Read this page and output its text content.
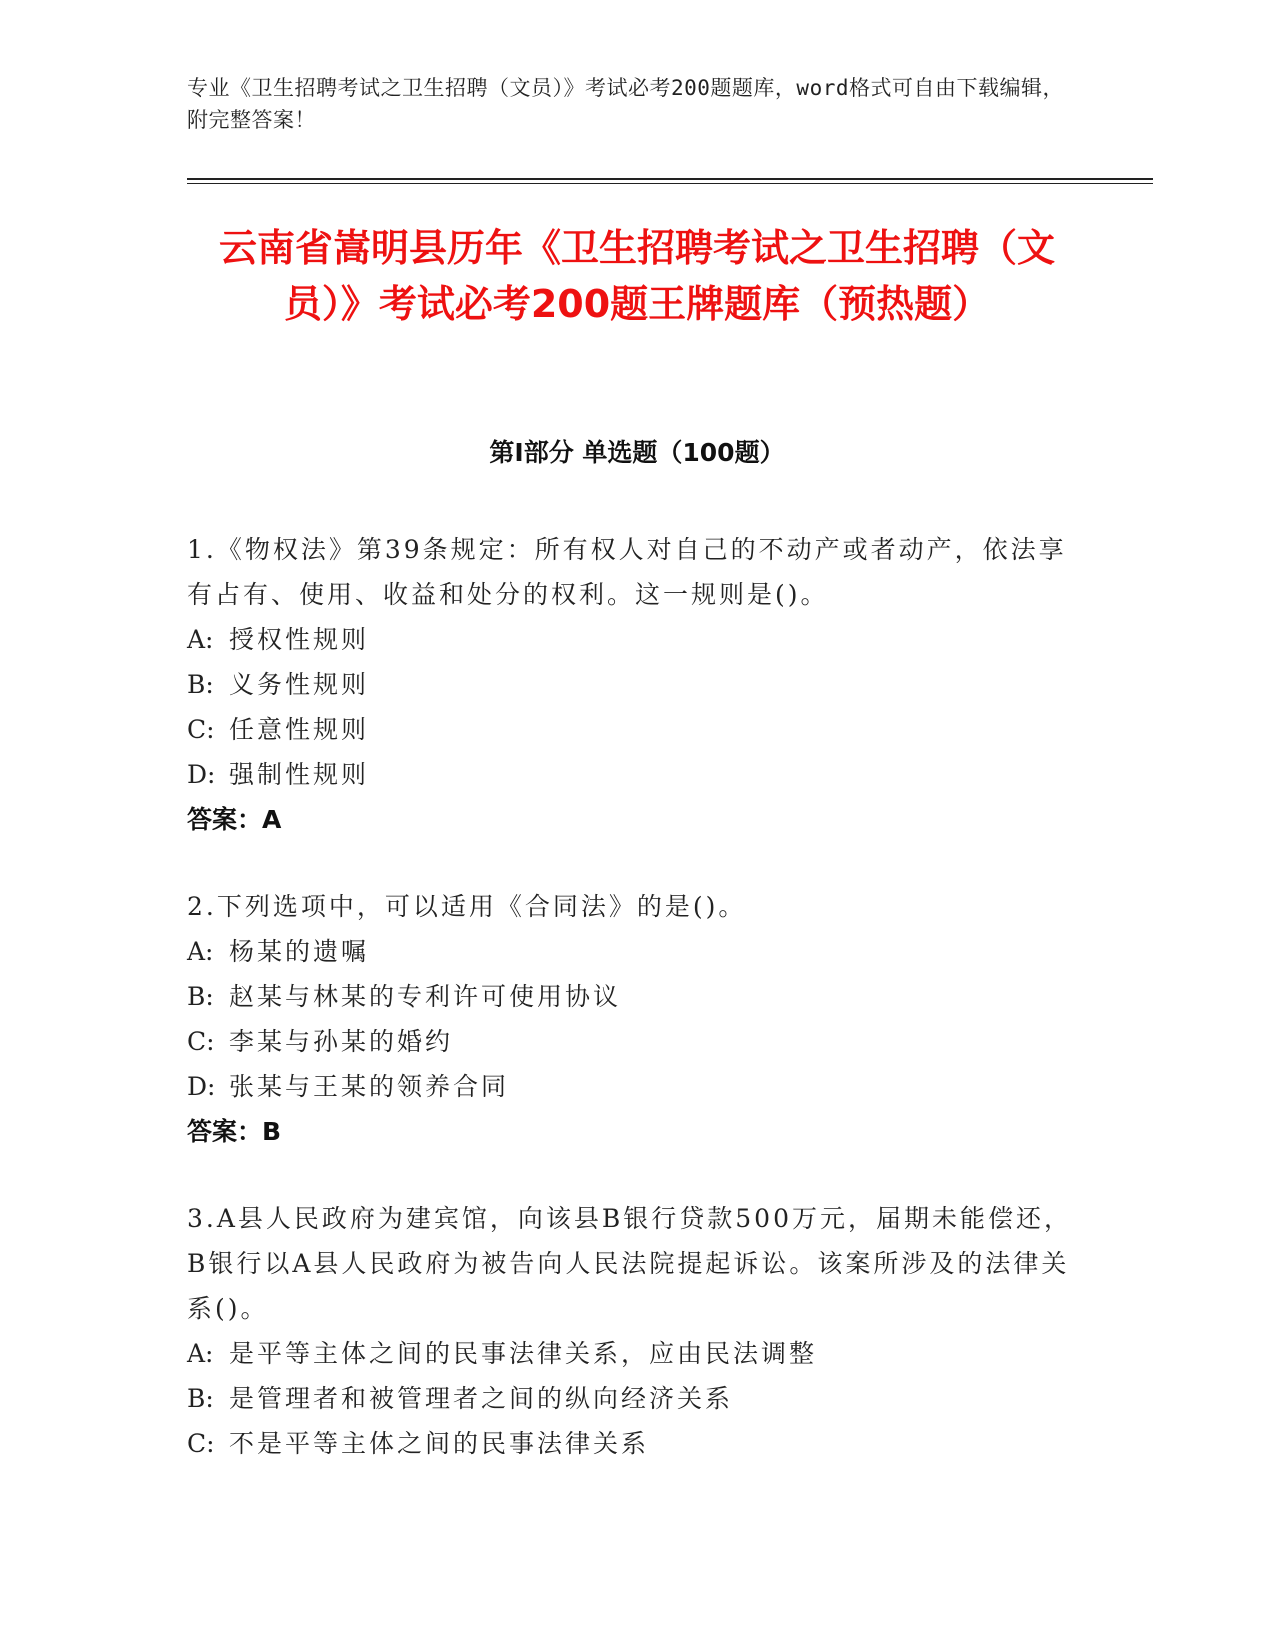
专业《卫生招聘考试之卫生招聘（文员）》考试必考200题题库，word格式可自由下载编辑，附完整答案！
云南省嵩明县历年《卫生招聘考试之卫生招聘（文员）》考试必考200题王牌题库（预热题）
第I部分 单选题（100题）

1.《物权法》第39条规定：所有权人对自己的不动产或者动产，依法享有占有、使用、收益和处分的权利。这一规则是()。

A: 授权性规则

B: 义务性规则

C: 任意性规则

D: 强制性规则

答案：A

2.下列选项中，可以适用《合同法》的是()。

A: 杨某的遗嘱

B: 赵某与林某的专利许可使用协议

C: 李某与孙某的婚约

D: 张某与王某的领养合同

答案：B

3.A县人民政府为建宾馆，向该县B银行贷款500万元，届期未能偿还，B银行以A县人民政府为被告向人民法院提起诉讼。该案所涉及的法律关系()。

A: 是平等主体之间的民事法律关系，应由民法调整

B: 是管理者和被管理者之间的纵向经济关系

C: 不是平等主体之间的民事法律关系
